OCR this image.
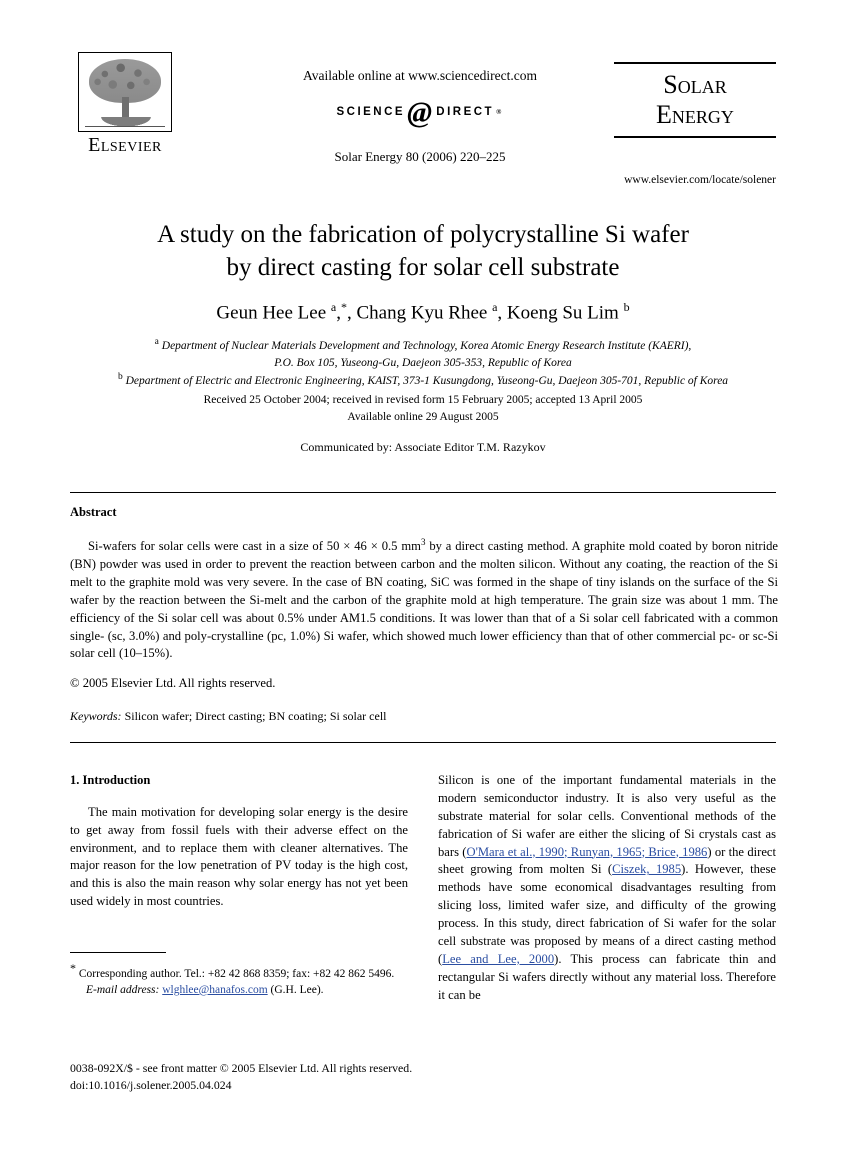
Elsevier
Available online at www.sciencedirect.com
SCIENCE @ DIRECT ®
Solar Energy 80 (2006) 220–225
Solar
Energy
www.elsevier.com/locate/solener
A study on the fabrication of polycrystalline Si wafer
by direct casting for solar cell substrate
Geun Hee Lee $^a$,*, Chang Kyu Rhee $^a$, Koeng Su Lim $^b$
$^a$ Department of Nuclear Materials Development and Technology, Korea Atomic Energy Research Institute (KAERI),
P.O. Box 105, Yuseong-Gu, Daejeon 305-353, Republic of Korea
$^b$ Department of Electric and Electronic Engineering, KAIST, 373-1 Kusungdong, Yuseong-Gu, Daejeon 305-701, Republic of Korea
Received 25 October 2004; received in revised form 15 February 2005; accepted 13 April 2005
Available online 29 August 2005
Communicated by: Associate Editor T.M. Razykov
Abstract
Si-wafers for solar cells were cast in a size of 50 × 46 × 0.5 $mm^3$ by a direct casting method. A graphite mold coated by boron nitride (BN) powder was used in order to prevent the reaction between carbon and the molten silicon. Without any coating, the reaction of the Si melt to the graphite mold was very severe. In the case of BN coating, SiC was formed in the shape of tiny islands on the surface of the Si wafer by the reaction between the Si-melt and the carbon of the graphite mold at high temperature. The grain size was about 1 mm. The efficiency of the Si solar cell was about 0.5% under AM1.5 conditions. It was lower than that of a Si solar cell fabricated with a common single- (sc, 3.0%) and poly-crystalline (pc, 1.0%) Si wafer, which showed much lower efficiency than that of other commercial pc- or sc-Si solar cell (10–15%).
© 2005 Elsevier Ltd. All rights reserved.
Keywords: Silicon wafer; Direct casting; BN coating; Si solar cell
1. Introduction

The main motivation for developing solar energy is the desire to get away from fossil fuels with their adverse effect on the environment, and to replace them with cleaner alternatives. The major reason for the low penetration of PV today is the high cost, and this is also the main reason why solar energy has not yet been used widely in most countries.

Silicon is one of the important fundamental materials in the modern semiconductor industry. It is also very useful as the substrate material for solar cells. Conventional methods of the fabrication of Si wafer are either the slicing of Si crystals cast as bars (O'Mara et al., 1990; Runyan, 1965; Brice, 1986) or the direct sheet growing from molten Si (Ciszek, 1985). However, these methods have some economical disadvantages resulting from slicing loss, limited wafer size, and difficulty of the growing process. In this study, direct fabrication of Si wafer for the solar cell substrate was proposed by means of a direct casting method (Lee and Lee, 2000). This process can fabricate thin and rectangular Si wafers directly without any material loss. Therefore it can be

* Corresponding author. Tel.: +82 42 868 8359; fax: +82 42 862 5496.
E-mail address: wlghlee@hanafos.com (G.H. Lee).
0038-092X/$ - see front matter © 2005 Elsevier Ltd. All rights reserved.
doi:10.1016/j.solener.2005.04.024
